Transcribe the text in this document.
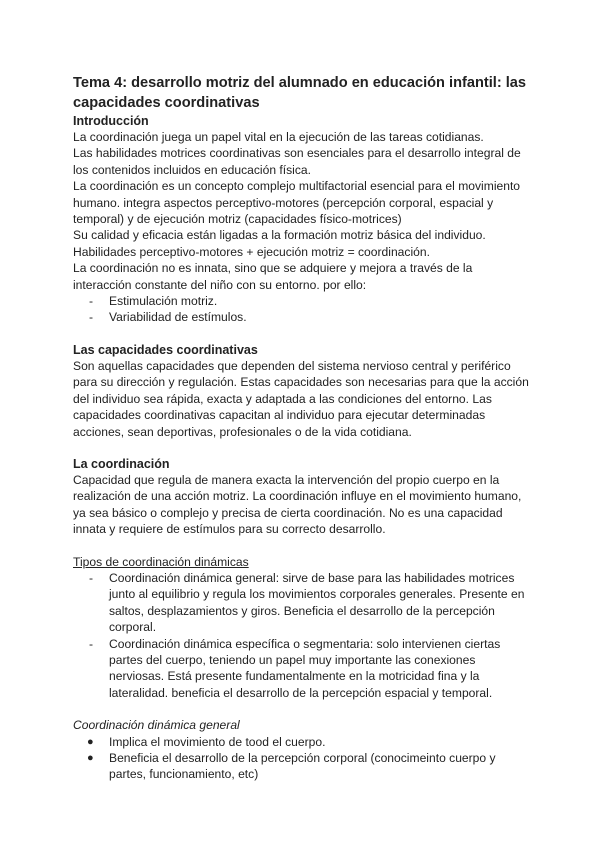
Tema 4: desarrollo motriz del alumnado en educación infantil: las capacidades coordinativas
Introducción

La coordinación juega un papel vital en la ejecución de las tareas cotidianas.

Las habilidades motrices coordinativas son esenciales para el desarrollo integral de los contenidos incluidos en educación física.

La coordinación es un concepto complejo multifactorial esencial para el movimiento humano. integra aspectos perceptivo-motores (percepción corporal, espacial y temporal) y de ejecución motriz (capacidades físico-motrices)

Su calidad y eficacia están ligadas a la formación motriz básica del individuo.

Habilidades perceptivo-motores + ejecución motriz = coordinación.

La coordinación no es innata, sino que se adquiere y mejora a través de la interacción constante del niño con su entorno. por ello:

- Estimulación motriz.
- Variabilidad de estímulos.
Las capacidades coordinativas

Son aquellas capacidades que dependen del sistema nervioso central y periférico para su dirección y regulación. Estas capacidades son necesarias para que la acción del individuo sea rápida, exacta y adaptada a las condiciones del entorno. Las capacidades coordinativas capacitan al individuo para ejecutar determinadas acciones, sean deportivas, profesionales o de la vida cotidiana.

La coordinación

Capacidad que regula de manera exacta la intervención del propio cuerpo en la realización de una acción motriz. La coordinación influye en el movimiento humano, ya sea básico o complejo y precisa de cierta coordinación. No es una capacidad innata y requiere de estímulos para su correcto desarrollo.

Tipos de coordinación dinámicas
- Coordinación dinámica general: sirve de base para las habilidades motrices junto al equilibrio y regula los movimientos corporales generales. Presente en saltos, desplazamientos y giros. Beneficia el desarrollo de la percepción corporal.
- Coordinación dinámica específica o segmentaria: solo intervienen ciertas partes del cuerpo, teniendo un papel muy importante las conexiones nerviosas. Está presente fundamentalmente en la motricidad fina y la lateralidad. beneficia el desarrollo de la percepción espacial y temporal.
Coordinación dinámica general
● Implica el movimiento de tood el cuerpo.
● Beneficia el desarrollo de la percepción corporal (conocimeinto cuerpo y partes, funcionamiento, etc)
